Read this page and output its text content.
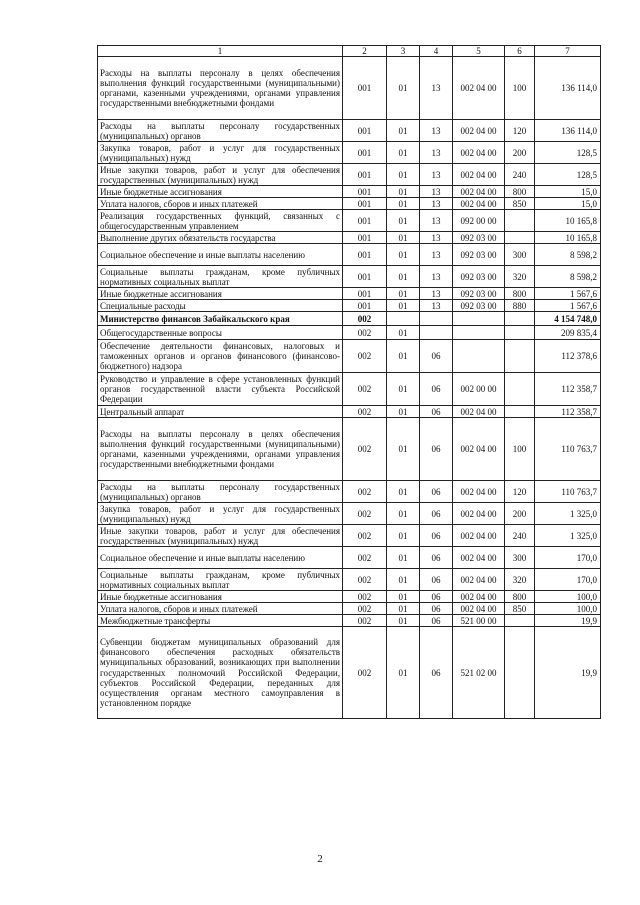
1	2	3	4	5	6	7
Расходы на выплаты персоналу в целях обеспечения выполнения функций государственными (муниципальными) органами, казенными учреждениями, органами управления государственными внебюджетными фондами	001	01	13	002 04 00	100	136 114,0
Расходы на выплаты персоналу государственных (муниципальных) органов	001	01	13	002 04 00	120	136 114,0
Закупка товаров, работ и услуг для государственных (муниципальных) нужд	001	01	13	002 04 00	200	128,5
Иные закупки товаров, работ и услуг для обеспечения государственных (муниципальных) нужд	001	01	13	002 04 00	240	128,5
Иные бюджетные ассигнования	001	01	13	002 04 00	800	15,0
Уплата налогов, сборов и иных платежей	001	01	13	002 04 00	850	15,0
Реализация государственных функций, связанных с общегосударственным управлением	001	01	13	092 00 00		10 165,8
Выполнение других обязательств государства	001	01	13	092 03 00		10 165,8
Социальное обеспечение и иные выплаты населению	001	01	13	092 03 00	300	8 598,2
Социальные выплаты гражданам, кроме публичных нормативных социальных выплат	001	01	13	092 03 00	320	8 598,2
Иные бюджетные ассигнования	001	01	13	092 03 00	800	1 567,6
Специальные расходы	001	01	13	092 03 00	880	1 567,6
Министерство финансов Забайкальского края	002					4 154 748,0
Общегосударственные вопросы	002	01				209 835,4
Обеспечение деятельности финансовых, налоговых и таможенных органов и органов финансового (финансово-бюджетного) надзора	002	01	06			112 378,6
Руководство и управление в сфере установленных функций органов государственной власти субъекта Российской Федерации	002	01	06	002 00 00		112 358,7
Центральный аппарат	002	01	06	002 04 00		112 358,7
Расходы на выплаты персоналу в целях обеспечения выполнения функций государственными (муниципальными) органами, казенными учреждениями, органами управления государственными внебюджетными фондами	002	01	06	002 04 00	100	110 763,7
Расходы на выплаты персоналу государственных (муниципальных) органов	002	01	06	002 04 00	120	110 763,7
Закупка товаров, работ и услуг для государственных (муниципальных) нужд	002	01	06	002 04 00	200	1 325,0
Иные закупки товаров, работ и услуг для обеспечения государственных (муниципальных) нужд	002	01	06	002 04 00	240	1 325,0
Социальное обеспечение и иные выплаты населению	002	01	06	002 04 00	300	170,0
Социальные выплаты гражданам, кроме публичных нормативных социальных выплат	002	01	06	002 04 00	320	170,0
Иные бюджетные ассигнования	002	01	06	002 04 00	800	100,0
Уплата налогов, сборов и иных платежей	002	01	06	002 04 00	850	100,0
Межбюджетные трансферты	002	01	06	521 00 00		19,9
Субвенции бюджетам муниципальных образований для финансового обеспечения расходных обязательств муниципальных образований, возникающих при выполнении государственных полномочий Российской Федерации, субъектов Российской Федерации, переданных для осуществления органам местного самоуправления в установленном порядке	002	01	06	521 02 00		19,9
2
